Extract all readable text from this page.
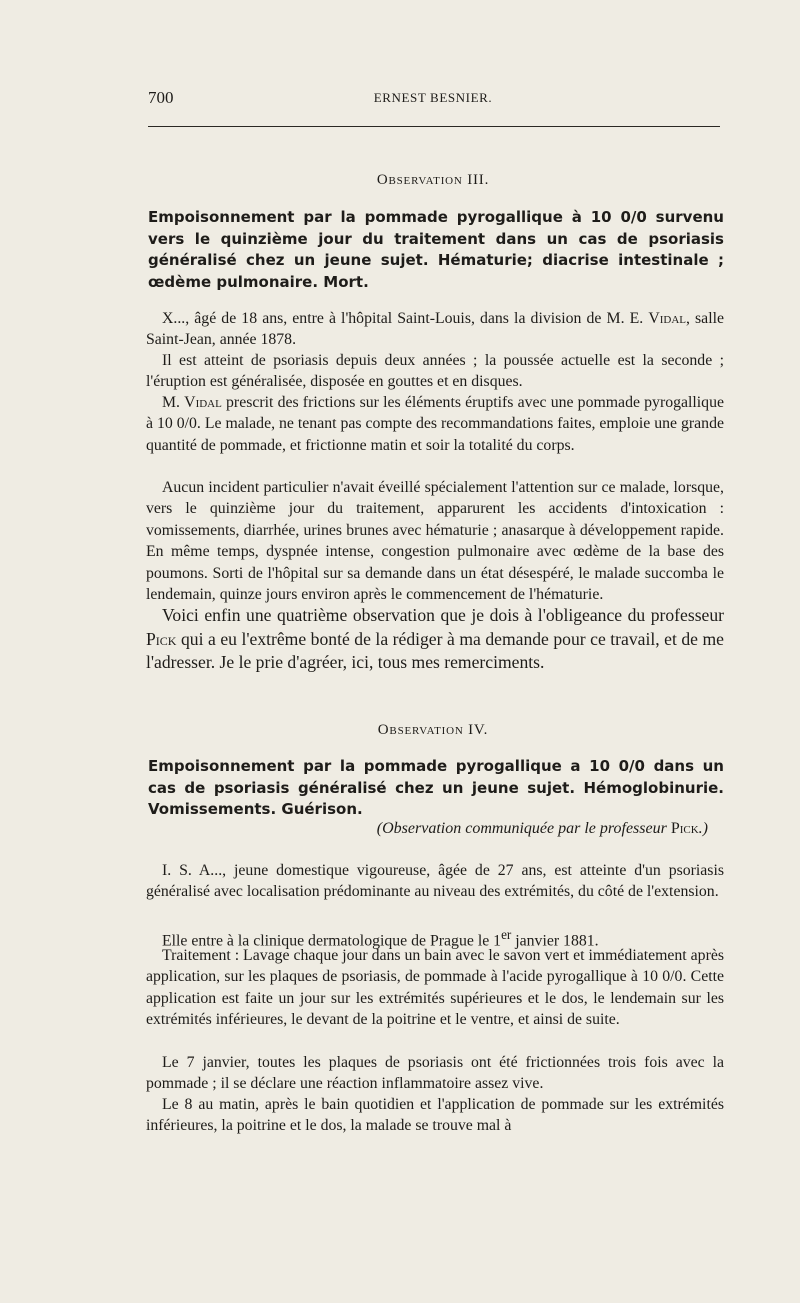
700	ERNEST BESNIER.
Observation III.
Empoisonnement par la pommade pyrogallique à 10 0/0 survenu vers le quinzième jour du traitement dans un cas de psoriasis généralisé chez un jeune sujet. Hématurie; diacrise intestinale ; œdème pulmonaire. Mort.

X..., âgé de 18 ans, entre à l'hôpital Saint-Louis, dans la division de M. E. Vidal, salle Saint-Jean, année 1878.

Il est atteint de psoriasis depuis deux années ; la poussée actuelle est la seconde ; l'éruption est généralisée, disposée en gouttes et en disques.

M. Vidal prescrit des frictions sur les éléments éruptifs avec une pommade pyrogallique à 10 0/0. Le malade, ne tenant pas compte des recommandations faites, emploie une grande quantité de pommade, et frictionne matin et soir la totalité du corps.

Aucun incident particulier n'avait éveillé spécialement l'attention sur ce malade, lorsque, vers le quinzième jour du traitement, apparurent les accidents d'intoxication : vomissements, diarrhée, urines brunes avec hématurie ; anasarque à développement rapide. En même temps, dyspnée intense, congestion pulmonaire avec œdème de la base des poumons. Sorti de l'hôpital sur sa demande dans un état désespéré, le malade succomba le lendemain, quinze jours environ après le commencement de l'hématurie.

Voici enfin une quatrième observation que je dois à l'obligeance du professeur Pick qui a eu l'extrême bonté de la rédiger à ma demande pour ce travail, et de me l'adresser. Je le prie d'agréer, ici, tous mes remerciments.

Observation IV.
Empoisonnement par la pommade pyrogallique a 10 0/0 dans un cas de psoriasis généralisé chez un jeune sujet. Hémoglobinurie. Vomissements. Guérison.
(Observation communiquée par le professeur Pick.)

I. S. A..., jeune domestique vigoureuse, âgée de 27 ans, est atteinte d'un psoriasis généralisé avec localisation prédominante au niveau des extrémités, du côté de l'extension.

Elle entre à la clinique dermatologique de Prague le 1er janvier 1881.

Traitement : Lavage chaque jour dans un bain avec le savon vert et immédiatement après application, sur les plaques de psoriasis, de pommade à l'acide pyrogallique à 10 0/0. Cette application est faite un jour sur les extrémités supérieures et le dos, le lendemain sur les extrémités inférieures, le devant de la poitrine et le ventre, et ainsi de suite.

Le 7 janvier, toutes les plaques de psoriasis ont été frictionnées trois fois avec la pommade ; il se déclare une réaction inflammatoire assez vive.

Le 8 au matin, après le bain quotidien et l'application de pommade sur les extrémités inférieures, la poitrine et le dos, la malade se trouve mal à
